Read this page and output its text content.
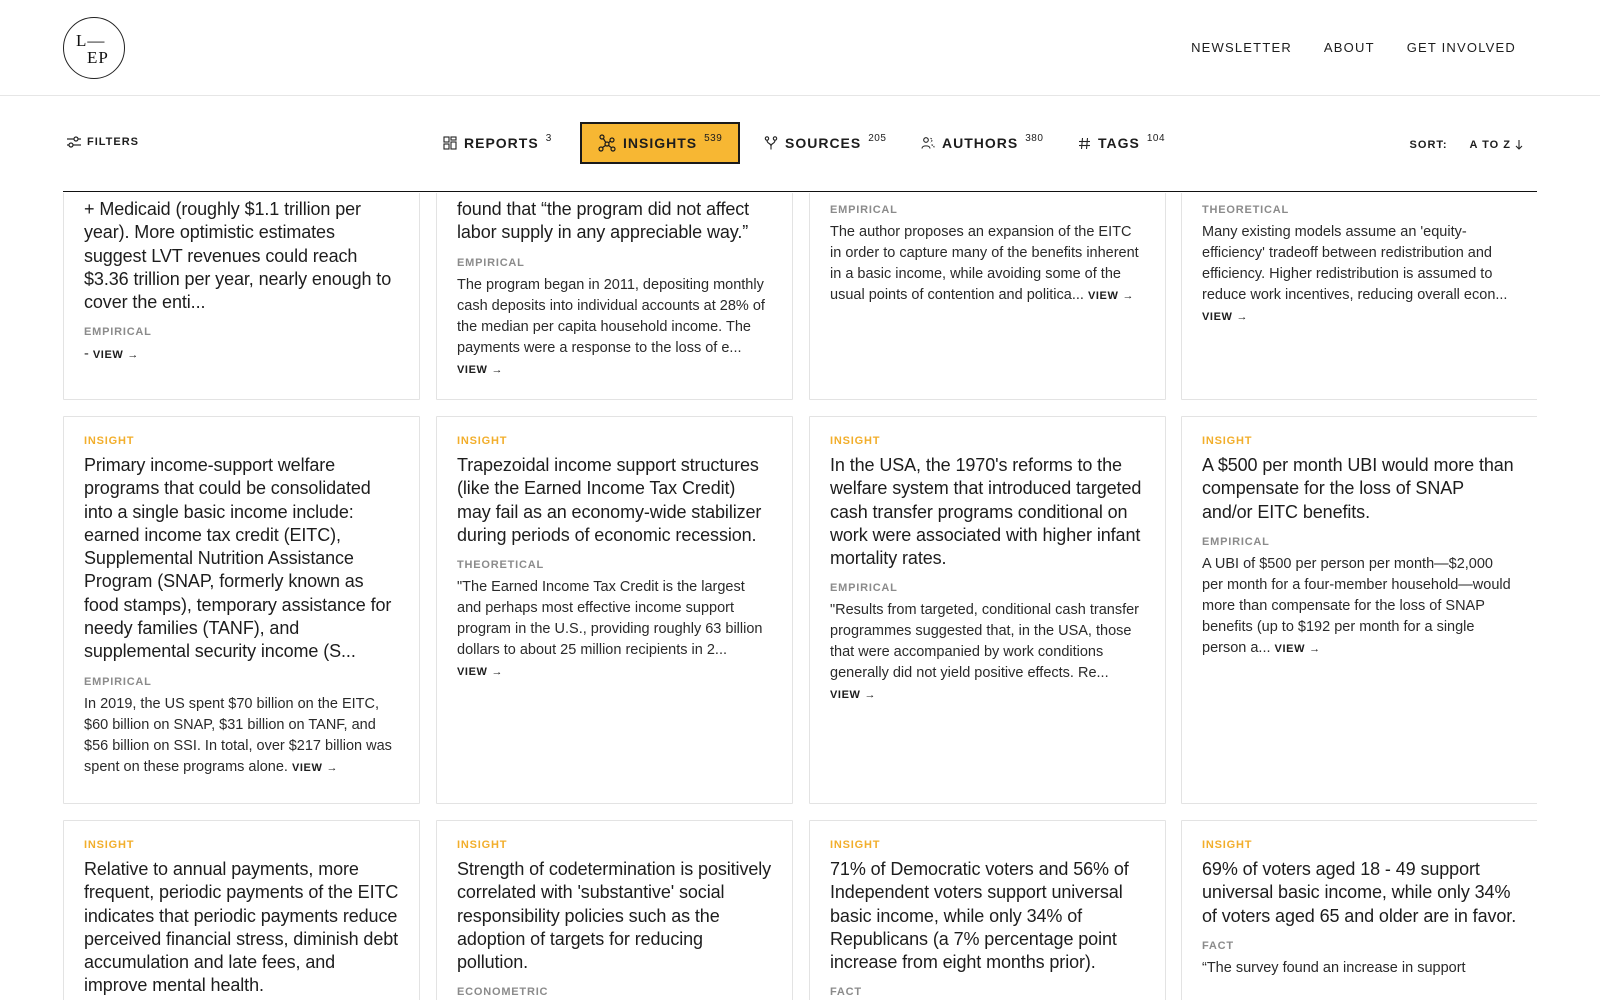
L—
EP
NEWSLETTER ABOUT GET INVOLVED
FILTERS	REPORTS $^3$	INSIGHTS $^{539}$	SOURCES $^{205}$	AUTHORS $^{380}$	TAGS $^{104}$
SORT: A TO Z
+ Medicaid (roughly $1.1 trillion per year). More optimistic estimates suggest LVT revenues could reach $3.36 trillion per year, nearly enough to cover the enti...
EMPIRICAL
- VIEW →
found that “the program did not affect labor supply in any appreciable way.”
EMPIRICAL
The program began in 2011, depositing monthly cash deposits into individual accounts at 28% of the median per capita household income. The payments were a response to the loss of e... VIEW →
EMPIRICAL
The author proposes an expansion of the EITC in order to capture many of the benefits inherent in a basic income, while avoiding some of the usual points of contention and politica... VIEW →
THEORETICAL
Many existing models assume an 'equity-efficiency' tradeoff between redistribution and efficiency. Higher redistribution is assumed to reduce work incentives, reducing overall econ... VIEW →
INSIGHT
Primary income-support welfare programs that could be consolidated into a single basic income include: earned income tax credit (EITC), Supplemental Nutrition Assistance Program (SNAP, formerly known as food stamps), temporary assistance for needy families (TANF), and supplemental security income (S...
EMPIRICAL
In 2019, the US spent $70 billion on the EITC, $60 billion on SNAP, $31 billion on TANF, and $56 billion on SSI. In total, over $217 billion was spent on these programs alone. VIEW →
INSIGHT
Trapezoidal income support structures (like the Earned Income Tax Credit) may fail as an economy-wide stabilizer during periods of economic recession.
THEORETICAL
"The Earned Income Tax Credit is the largest and perhaps most effective income support program in the U.S., providing roughly 63 billion dollars to about 25 million recipients in 2... VIEW →
INSIGHT
In the USA, the 1970's reforms to the welfare system that introduced targeted cash transfer programs conditional on work were associated with higher infant mortality rates.
EMPIRICAL
"Results from targeted, conditional cash transfer programmes suggested that, in the USA, those that were accompanied by work conditions generally did not yield positive effects. Re... VIEW →
INSIGHT
A $500 per month UBI would more than compensate for the loss of SNAP and/or EITC benefits.
EMPIRICAL
A UBI of $500 per person per month—$2,000 per month for a four-member household—would more than compensate for the loss of SNAP benefits (up to $192 per month for a single person a... VIEW →
INSIGHT
Relative to annual payments, more frequent, periodic payments of the EITC indicates that periodic payments reduce perceived financial stress, diminish debt accumulation and late fees, and improve mental health.
INSIGHT
Strength of codetermination is positively correlated with 'substantive' social responsibility policies such as the adoption of targets for reducing pollution.
ECONOMETRIC
INSIGHT
71% of Democratic voters and 56% of Independent voters support universal basic income, while only 34% of Republicans (a 7% percentage point increase from eight months prior).
FACT
INSIGHT
69% of voters aged 18 - 49 support universal basic income, while only 34% of voters aged 65 and older are in favor.
FACT
“The survey found an increase in support
